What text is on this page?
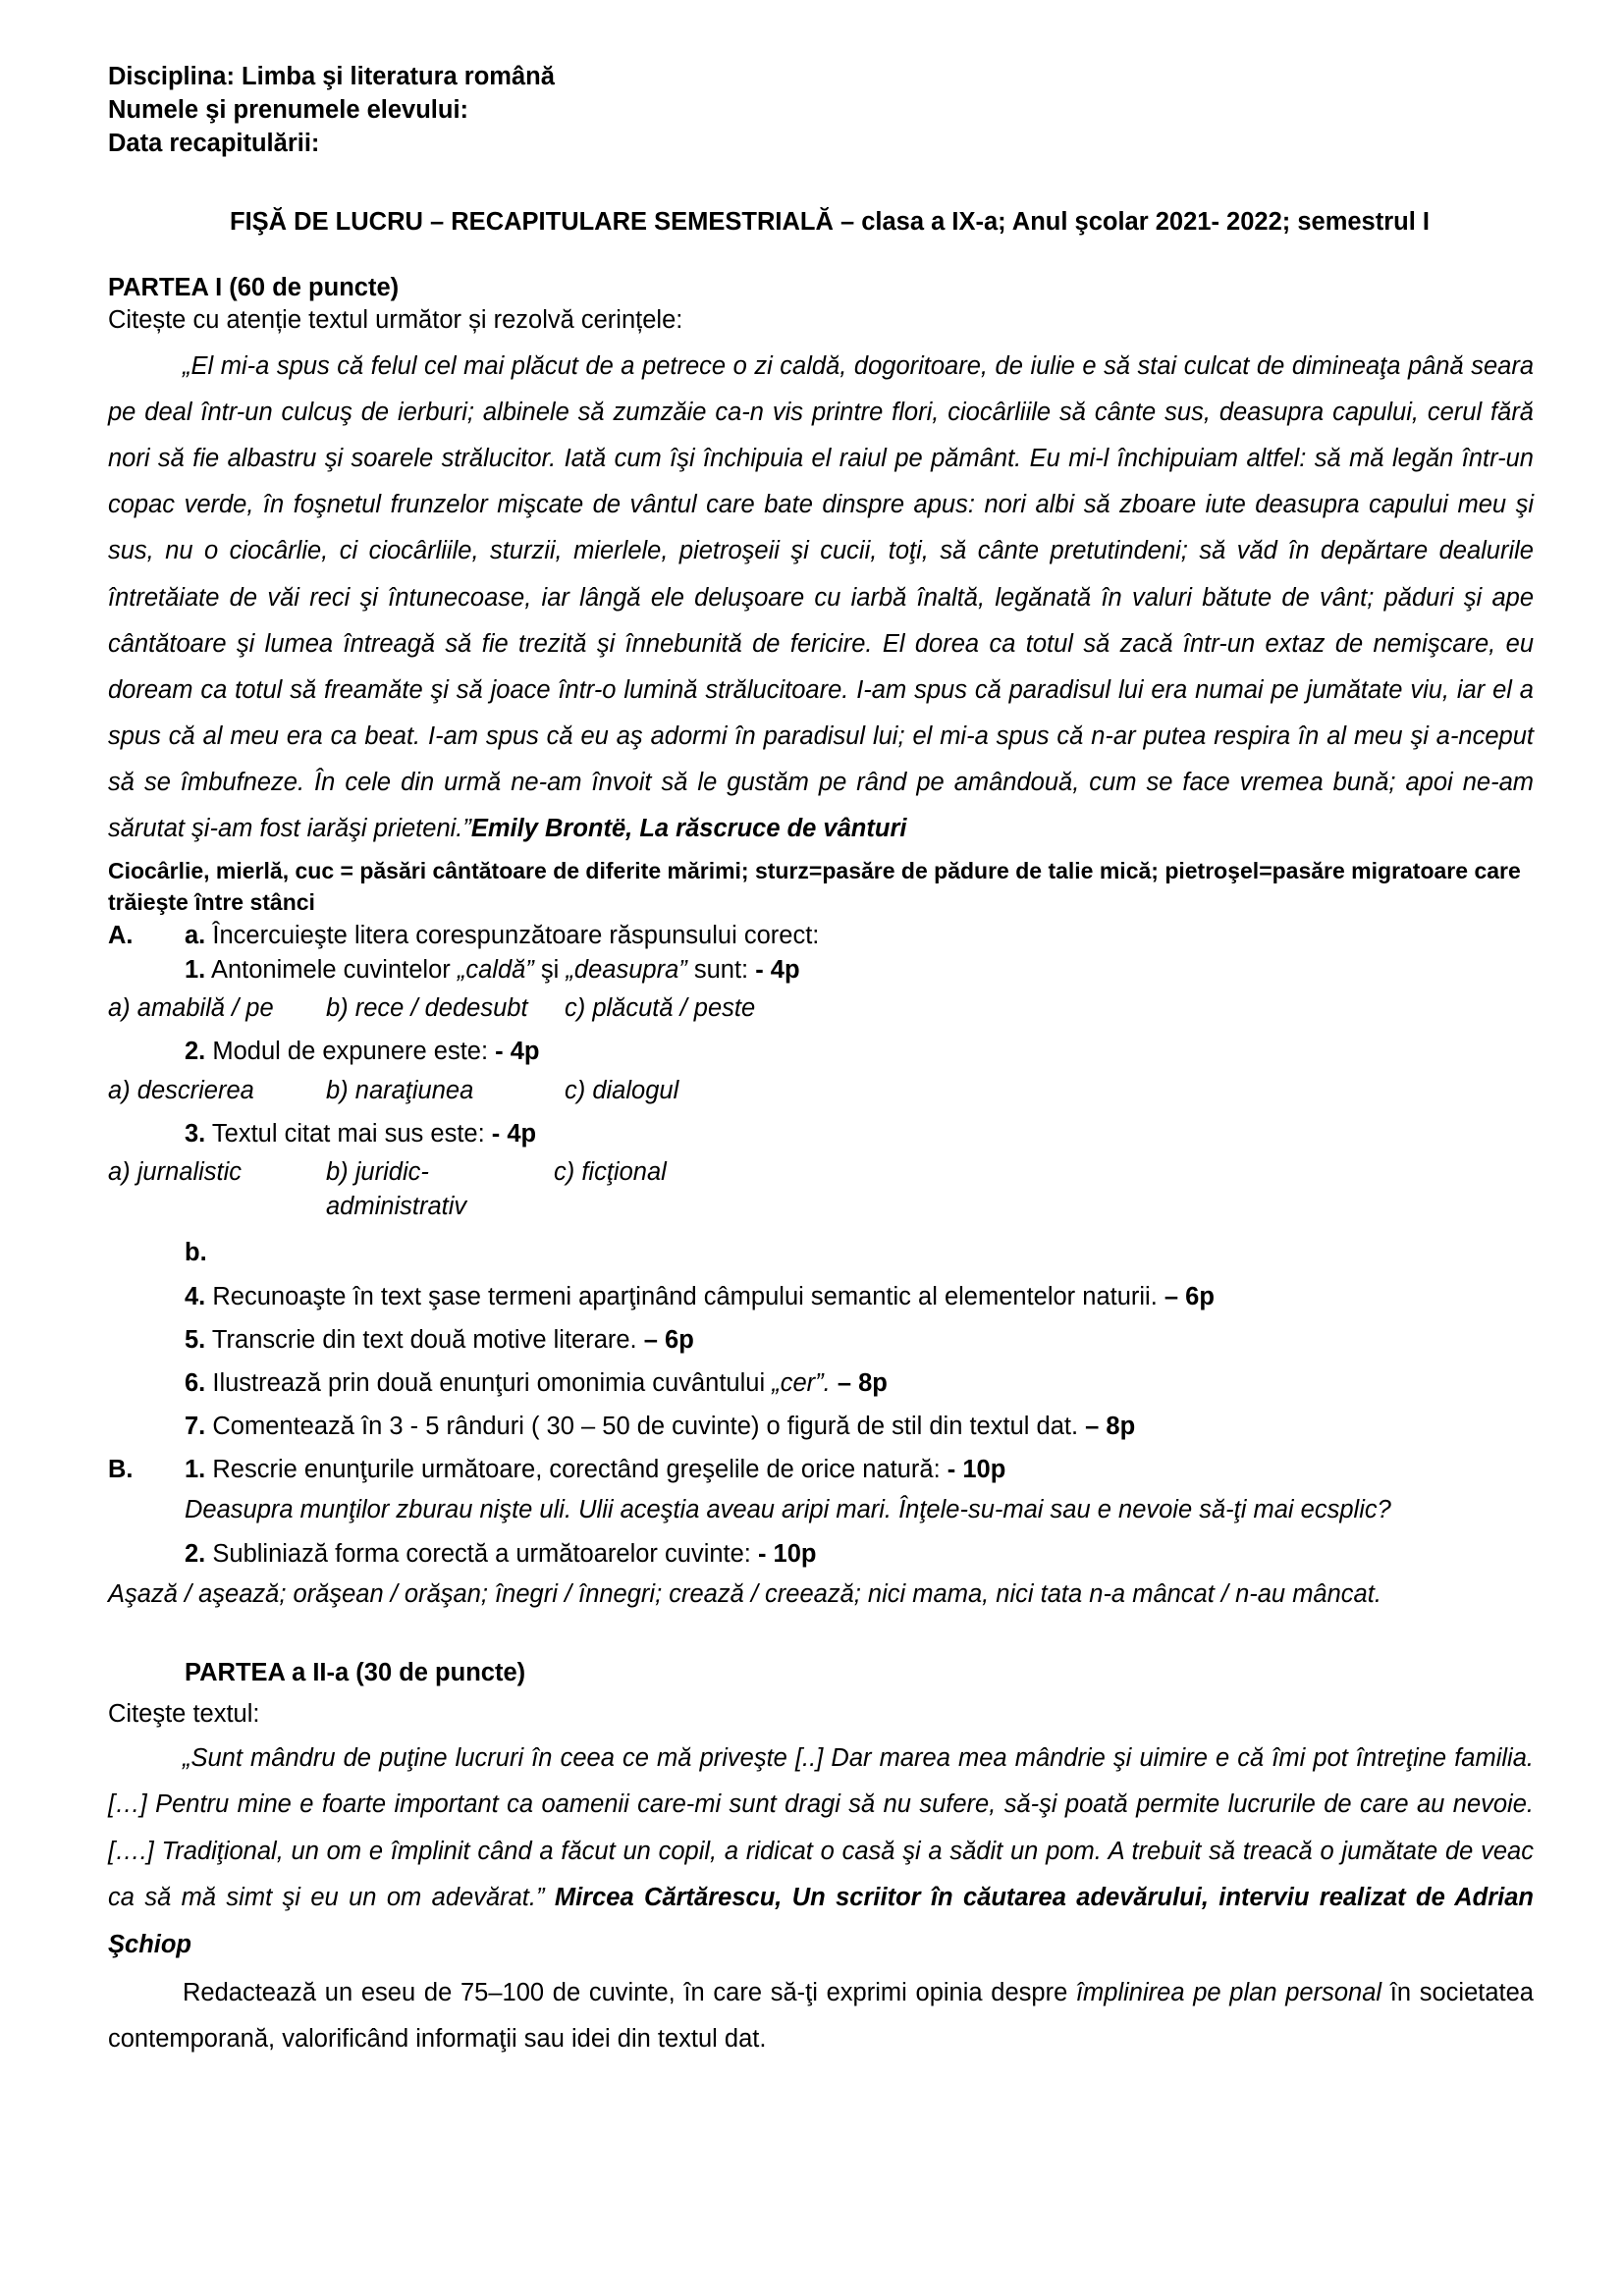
Disciplina: Limba şi literatura română

Numele şi prenumele elevului:

Data recapitulării:

FIŞĂ DE LUCRU – RECAPITULARE SEMESTRIALĂ – clasa a IX-a; Anul şcolar 2021- 2022; semestrul I

PARTEA I (60 de puncte)

Citește cu atenție textul următor și rezolvă cerințele:

„El mi-a spus că felul cel mai plăcut de a petrece o zi caldă, dogoritoare, de iulie e să stai culcat de dimineaţa până seara pe deal într-un culcuş de ierburi; albinele să zumzăie ca-n vis printre flori, ciocârliile să cânte sus, deasupra capului, cerul fără nori să fie albastru şi soarele strălucitor. Iată cum îşi închipuia el raiul pe pământ. Eu mi-l închipuiam altfel: să mă legăn într-un copac verde, în foşnetul frunzelor mişcate de vântul care bate dinspre apus: nori albi să zboare iute deasupra capului meu şi sus, nu o ciocârlie, ci ciocârliile, sturzii, mierlele, pietroşeii şi cucii, toţi, să cânte pretutindeni; să văd în depărtare dealurile întretăiate de văi reci şi întunecoase, iar lângă ele deluşoare cu iarbă înaltă, legănată în valuri bătute de vânt; păduri şi ape cântătoare şi lumea întreagă să fie trezită şi înnebunită de fericire. El dorea ca totul să zacă într-un extaz de nemişcare, eu doream ca totul să freamăte şi să joace într-o lumină strălucitoare. I-am spus că paradisul lui era numai pe jumătate viu, iar el a spus că al meu era ca beat. I-am spus că eu aş adormi în paradisul lui; el mi-a spus că n-ar putea respira în al meu şi a-nceput să se îmbufneze. În cele din urmă ne-am învoit să le gustăm pe rând pe amândouă, cum se face vremea bună; apoi ne-am sărutat şi-am fost iarăşi prieteni.”Emily Brontë, La răscruce de vânturi

Ciocârlie, mierlă, cuc = păsări cântătoare de diferite mărimi; sturz=pasăre de pădure de talie mică; pietroşel=pasăre migratoare care trăieşte între stânci

A.	a. Încercuieşte litera corespunzătoare răspunsului corect:

1. Antonimele cuvintelor „caldă” şi „deasupra” sunt: - 4p

a) amabilă / pe	b) rece / dedesubt	c) plăcută / peste

2. Modul de expunere este: - 4p

a) descrierea	b) naraţiunea	c) dialogul

3. Textul citat mai sus este: - 4p

a) jurnalistic	b) juridic-administrativ
c) ficţional

b.

4. Recunoaşte în text şase termeni aparţinând câmpului semantic al elementelor naturii. – 6p

5. Transcrie din text două motive literare. – 6p

6. Ilustrează prin două enunţuri omonimia cuvântului „cer”. – 8p

7. Comentează în 3 - 5 rânduri ( 30 – 50 de cuvinte) o figură de stil din textul dat. – 8p

B.	1. Rescrie enunţurile următoare, corectând greşelile de orice natură: - 10p

Deasupra munţilor zburau nişte uli. Ulii aceştia aveau aripi mari. Înţele-su-mai sau e nevoie să-ţi mai ecsplic?

2. Subliniază forma corectă a următoarelor cuvinte: - 10p

Aşază / aşează; orăşean / orăşan; înegri / înnegri; crează / creează; nici mama, nici tata n-a mâncat / n-au mâncat.

PARTEA a II-a (30 de puncte)

Citeşte textul:

„Sunt mândru de puţine lucruri în ceea ce mă priveşte [..] Dar marea mea mândrie şi uimire e că îmi pot întreţine familia. […] Pentru mine e foarte important ca oamenii care-mi sunt dragi să nu sufere, să-şi poată permite lucrurile de care au nevoie. [….] Tradiţional, un om e împlinit când a făcut un copil, a ridicat o casă şi a sădit un pom. A trebuit să treacă o jumătate de veac ca să mă simt şi eu un om adevărat.” Mircea Cărtărescu, Un scriitor în căutarea adevărului, interviu realizat de Adrian Şchiop

Redactează un eseu de 75–100 de cuvinte, în care să-ţi exprimi opinia despre împlinirea pe plan personal în societatea contemporană, valorificând informaţii sau idei din textul dat.
